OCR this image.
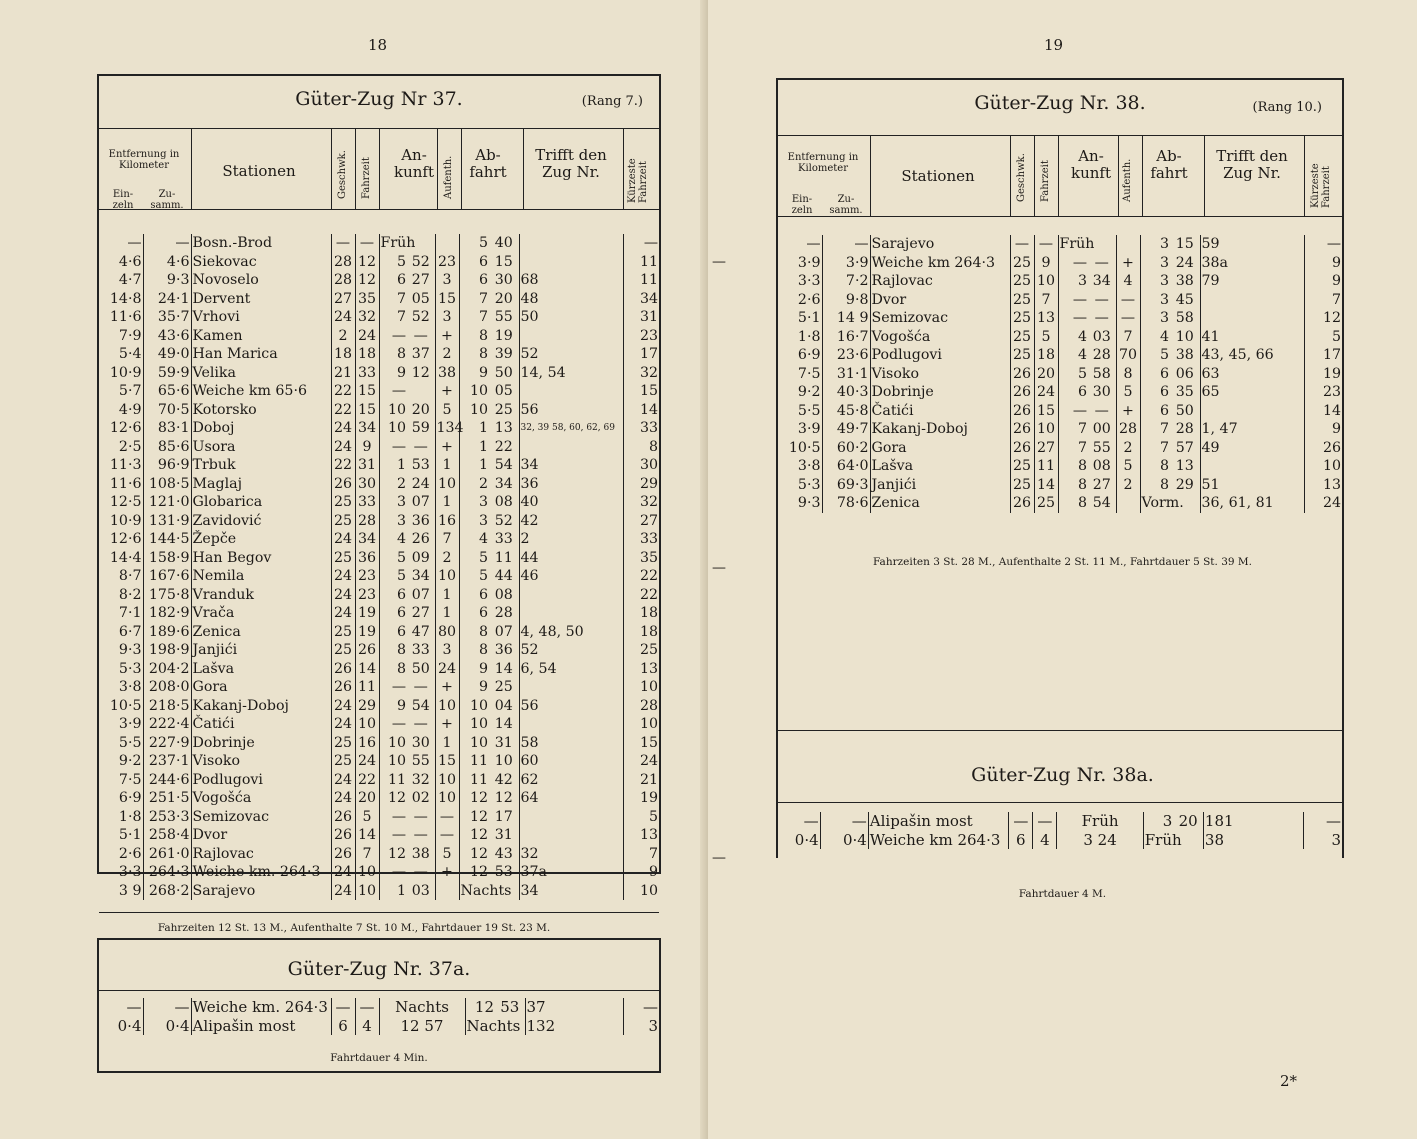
18
Güter-Zug Nr 37.	(Rang 7.)
Entfernung in Kilometer
Ein-zeln
Zu-samm.
Stationen
An-kunft
Ab-fahrt
Trifft den Zug Nr.
Geschwk. Fahrzeit	Aufenth.	Kürzeste Fahrzeit
—	—	Bosn.-Brod	—	—	Früh			5	40		—
4·6	4·6	Siekovac	28	12	5	52	23	6	15		11
4·7	9·3	Novoselo	28	12	6	27	3	6	30	68	11
14·8	24·1	Dervent	27	35	7	05	15	7	20	48	34
11·6	35·7	Vrhovi	24	32	7	52	3	7	55	50	31
7·9	43·6	Kamen	2	24	—	—	+	8	19		23
5·4	49·0	Han Marica	18	18	8	37	2	8	39	52	17
10·9	59·9	Velika	21	33	9	12	38	9	50	14, 54	32
5·7	65·6	Weiche km 65·6	22	15	—		+	10	05		15
4·9	70·5	Kotorsko	22	15	10	20	5	10	25	56	14
12·6	83·1	Doboj	24	34	10	59	134	1	13	32, 39 58, 60, 62, 69	33
2·5	85·6	Usora	24	9	—	—	+	1	22		8
11·3	96·9	Trbuk	22	31	1	53	1	1	54	34	30
11·6	108·5	Maglaj	26	30	2	24	10	2	34	36	29
12·5	121·0	Globarica	25	33	3	07	1	3	08	40	32
10·9	131·9	Zavidović	25	28	3	36	16	3	52	42	27
12·6	144·5	Žepče	24	34	4	26	7	4	33	2	33
14·4	158·9	Han Begov	25	36	5	09	2	5	11	44	35
8·7	167·6	Nemila	24	23	5	34	10	5	44	46	22
8·2	175·8	Vranduk	24	23	6	07	1	6	08		22
7·1	182·9	Vrača	24	19	6	27	1	6	28		18
6·7	189·6	Zenica	25	19	6	47	80	8	07	4, 48, 50	18
9·3	198·9	Janjići	25	26	8	33	3	8	36	52	25
5·3	204·2	Lašva	26	14	8	50	24	9	14	6, 54	13
3·8	208·0	Gora	26	11	—	—	+	9	25		10
10·5	218·5	Kakanj-Doboj	24	29	9	54	10	10	04	56	28
3·9	222·4	Čatići	24	10	—	—	+	10	14		10
5·5	227·9	Dobrinje	25	16	10	30	1	10	31	58	15
9·2	237·1	Visoko	25	24	10	55	15	11	10	60	24
7·5	244·6	Podlugovi	24	22	11	32	10	11	42	62	21
6·9	251·5	Vogošća	24	20	12	02	10	12	12	64	19
1·8	253·3	Semizovac	26	5	—	—	—	12	17		5
5·1	258·4	Dvor	26	14	—	—	—	12	31		13
2·6	261·0	Rajlovac	26	7	12	38	5	12	43	32	7
3·3	264·3	Weiche km. 264·3	24	10	—	—	+	12	53	37a	9
3 9	268·2	Sarajevo	24	10	1	03		Nachts		34	10
Fahrzeiten 12 St. 13 M., Aufenthalte 7 St. 10 M., Fahrtdauer 19 St. 23 M.
Güter-Zug Nr. 37a.
—	—	Weiche km. 264·3	—	—	Nachts	12	53	37	—
0·4	0·4	Alipašin most	6	4	12 57	Nachts		132	3
Fahrtdauer 4 Min.
19
—
—
—
Güter-Zug Nr. 38.	(Rang 10.)
Entfernung in Kilometer
Ein-zeln
Zu-samm.
Stationen
An-kunft
Ab-fahrt
Trifft den Zug Nr.
Geschwk. Fahrzeit	Aufenth.	Kürzeste Fahrzeit
—	—	Sarajevo	—	—	Früh			3	15	59	—
3·9	3·9	Weiche km 264·3	25	9	—	—	+	3	24	38a	9
3·3	7·2	Rajlovac	25	10	3	34	4	3	38	79	9
2·6	9·8	Dvor	25	7	—	—	—	3	45		7
5·1	14 9	Semizovac	25	13	—	—	—	3	58		12
1·8	16·7	Vogošća	25	5	4	03	7	4	10	41	5
6·9	23·6	Podlugovi	25	18	4	28	70	5	38	43, 45, 66	17
7·5	31·1	Visoko	26	20	5	58	8	6	06	63	19
9·2	40·3	Dobrinje	26	24	6	30	5	6	35	65	23
5·5	45·8	Čatići	26	15	—	—	+	6	50		14
3·9	49·7	Kakanj-Doboj	26	10	7	00	28	7	28	1, 47	9
10·5	60·2	Gora	26	27	7	55	2	7	57	49	26
3·8	64·0	Lašva	25	11	8	08	5	8	13		10
5·3	69·3	Janjići	25	14	8	27	2	8	29	51	13
9·3	78·6	Zenica	26	25	8	54		Vorm.		36, 61, 81	24
Fahrzeiten 3 St. 28 M., Aufenthalte 2 St. 11 M., Fahrtdauer 5 St. 39 M.
Güter-Zug Nr. 38a.
—	—	Alipašin most	—	—	Früh	3	20	181	—
0·4	0·4	Weiche km 264·3	6	4	3 24	Früh		38	3
Fahrtdauer 4 M.
2*
